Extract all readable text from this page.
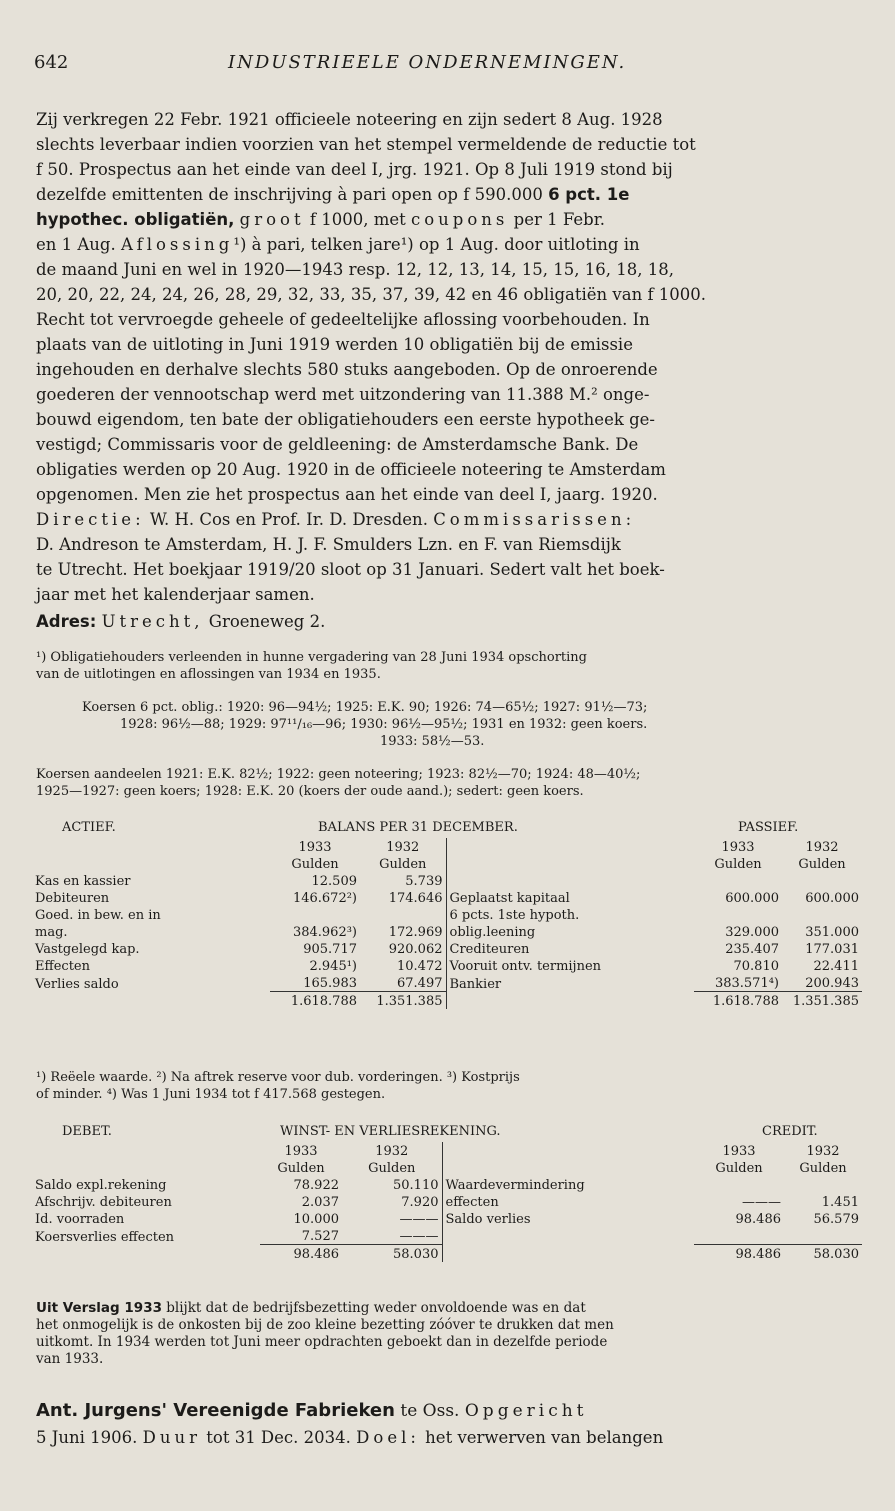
642	INDUSTRIEELE ONDERNEMINGEN.
Zij verkregen 22 Febr. 1921 officieele noteering en zijn sedert 8 Aug. 1928
slechts leverbaar indien voorzien van het stempel vermeldende de reductie tot
f 50. Prospectus aan het einde van deel I, jrg. 1921. Op 8 Juli 1919 stond bij
dezelfde emittenten de inschrijving à pari open op f 590.000 6 pct. 1e
hypothec. obligatiën, groot f 1000, met coupons per 1 Febr.
en 1 Aug. Aflossing¹) à pari, telken jare¹) op 1 Aug. door uitloting in
de maand Juni en wel in 1920—1943 resp. 12, 12, 13, 14, 15, 15, 16, 18, 18,
20, 20, 22, 24, 24, 26, 28, 29, 32, 33, 35, 37, 39, 42 en 46 obligatiën van f 1000.
Recht tot vervroegde geheele of gedeeltelijke aflossing voorbehouden. In
plaats van de uitloting in Juni 1919 werden 10 obligatiën bij de emissie
ingehouden en derhalve slechts 580 stuks aangeboden. Op de onroerende
goederen der vennootschap werd met uitzondering van 11.388 M.² onge-
bouwd eigendom, ten bate der obligatiehouders een eerste hypotheek ge-
vestigd; Commissaris voor de geldleening: de Amsterdamsche Bank. De
obligaties werden op 20 Aug. 1920 in de officieele noteering te Amsterdam
opgenomen. Men zie het prospectus aan het einde van deel I, jaarg. 1920.
Directie: W. H. Cos en Prof. Ir. D. Dresden. Commissarissen:
D. Andreson te Amsterdam, H. J. F. Smulders Lzn. en F. van Riemsdijk
te Utrecht. Het boekjaar 1919/20 sloot op 31 Januari. Sedert valt het boek-
jaar met het kalenderjaar samen.
Adres: Utrecht, Groeneweg 2.
¹) Obligatiehouders verleenden in hunne vergadering van 28 Juni 1934 opschorting
van de uitlotingen en aflossingen van 1934 en 1935.
Koersen 6 pct. oblig.: 1920: 96—94½; 1925: E.K. 90; 1926: 74—65½; 1927: 91½—73;
1928: 96½—88; 1929: 97¹¹/₁₆—96; 1930: 96½—95½; 1931 en 1932: geen koers.
1933: 58½—53.
Koersen aandeelen 1921: E.K. 82½; 1922: geen noteering; 1923: 82½—70; 1924: 48—40½;
1925—1927: geen koers; 1928: E.K. 20 (koers der oude aand.); sedert: geen koers.
ACTIEF.	BALANS PER 31 DECEMBER.	PASSIEF.
	1933	1932		1933	1932
	Gulden	Gulden		Gulden	Gulden
Kas en kassier	12.509	5.739			
Debiteuren	146.672²)	174.646	Geplaatst kapitaal	600.000	600.000
Goed. in bew. en in			6 pcts. 1ste hypoth.		
mag.	384.962³)	172.969	oblig.leening	329.000	351.000
Vastgelegd kap.	905.717	920.062	Crediteuren	235.407	177.031
Effecten	2.945¹)	10.472	Vooruit ontv. termijnen	70.810	22.411
Verlies saldo	165.983	67.497	Bankier	383.571⁴)	200.943
	1.618.788	1.351.385		1.618.788	1.351.385
¹) Reëele waarde. ²) Na aftrek reserve voor dub. vorderingen. ³) Kostprijs
of minder. ⁴) Was 1 Juni 1934 tot f 417.568 gestegen.
DEBET.	WINST- EN VERLIESREKENING.	CREDIT.
	1933	1932		1933	1932
	Gulden	Gulden		Gulden	Gulden
Saldo expl.rekening	78.922	50.110	Waardevermindering		
Afschrijv. debiteuren	2.037	7.920	effecten	———	1.451
Id. voorraden	10.000	———	Saldo verlies	98.486	56.579
Koersverlies effecten	7.527	———			
	98.486	58.030		98.486	58.030
Uit Verslag 1933 blijkt dat de bedrijfsbezetting weder onvoldoende was en dat
het onmogelijk is de onkosten bij de zoo kleine bezetting zóóver te drukken dat men
uitkomt. In 1934 werden tot Juni meer opdrachten geboekt dan in dezelfde periode
van 1933.
Ant. Jurgens' Vereenigde Fabrieken te Oss. Opgericht
5 Juni 1906. Duur tot 31 Dec. 2034. Doel: het verwerven van belangen
